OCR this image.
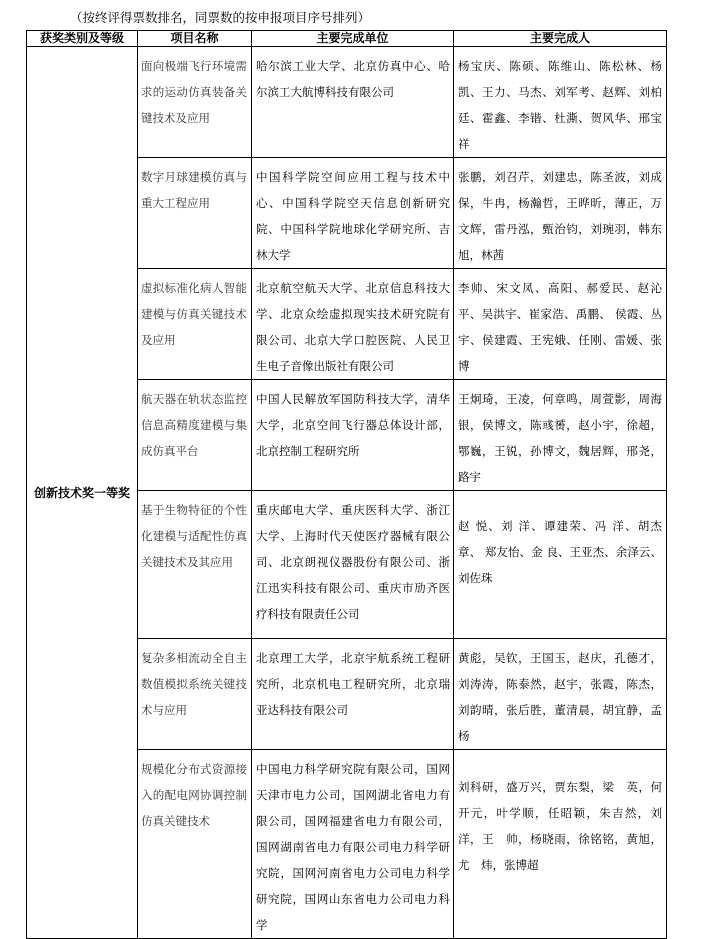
（按终评得票数排名，同票数的按申报项目序号排列）
获奖类别及等级	项目名称	主要完成单位	主要完成人
创新技术奖一等奖	面向极端飞行环境需求的运动仿真装备关键技术及应用	哈尔滨工业大学、北京仿真中心、哈尔滨工大航博科技有限公司	杨宝庆、陈硕、陈维山、陈松林、杨凯、王力、马杰、刘军考、赵辉、刘柏廷、霍鑫、李锴、杜澌、贺风华、邢宝祥
	数字月球建模仿真与重大工程应用	中国科学院空间应用工程与技术中心、中国科学院空天信息创新研究院、中国科学院地球化学研究所、吉林大学	张鹏，刘召芹，刘建忠，陈圣波，刘成保，牛冉，杨瀚哲，王晔昕，薄正，万文辉，雷丹泓，甄治钧，刘琬羽，韩东旭，林茜
	虚拟标准化病人智能建模与仿真关键技术及应用	北京航空航天大学、北京信息科技大学、北京众绘虚拟现实技术研究院有限公司、北京大学口腔医院、人民卫生电子音像出版社有限公司	李帅、宋文凤、高阳、郝爱民、赵沁平、吴洪宇、崔家浩、禹鹏、 侯霞、丛宇、侯建霞、王宪娥、任刚、雷媛、张博
	航天器在轨状态监控信息高精度建模与集成仿真平台	中国人民解放军国防科技大学，清华大学，北京空间飞行器总体设计部，北京控制工程研究所	王炯琦，王凌，何章鸣，周萱影，周海银，侯博文，陈彧赟，赵小宇，徐超，鄂巍，王锐，孙博文，魏居辉，邢尧，路宇
	基于生物特征的个性化建模与适配性仿真关键技术及其应用	重庆邮电大学、重庆医科大学、浙江大学、上海时代天使医疗器械有限公司、北京朗视仪器股份有限公司、浙江迅实科技有限公司、重庆市劢齐医疗科技有限责任公司	赵 悦、刘 洋、谭建荣、冯 洋、胡杰章、 郑友怡、金 良、王亚杰、余泽云、刘佐珠
	复杂多相流动全自主数值模拟系统关键技术与应用	北京理工大学，北京宇航系统工程研究所，北京机电工程研究所，北京瑞亚达科技有限公司	黄彪，吴钦，王国玉，赵庆，孔德才，刘涛涛，陈泰然，赵宇，张霞，陈杰，刘韵晴，张后胜，董清晨，胡宜静，孟杨
	规模化分布式资源接入的配电网协调控制仿真关键技术	中国电力科学研究院有限公司，国网天津市电力公司，国网湖北省电力有限公司，国网福建省电力有限公司，国网湖南省电力有限公司电力科学研究院，国网河南省电力公司电力科学研究院，国网山东省电力公司电力科学	刘科研，盛万兴，贾东梨，梁　英，何开元，叶学顺，任昭颖，朱吉然，刘洋，王　帅，杨晓雨，徐铭铭，黄旭，尤　炜，张博超
